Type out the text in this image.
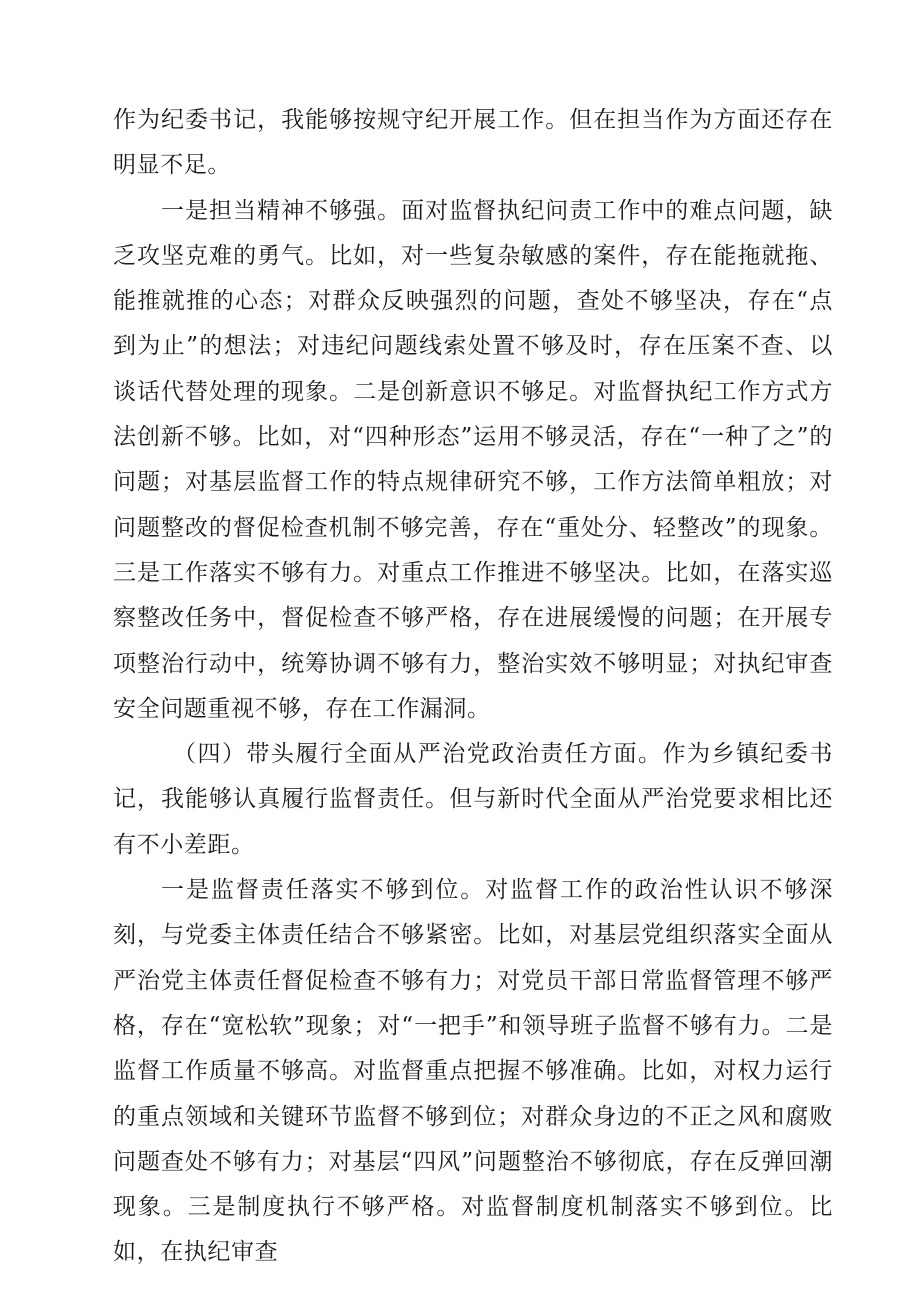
作为纪委书记，我能够按规守纪开展工作。但在担当作为方面还存在明显不足。

一是担当精神不够强。面对监督执纪问责工作中的难点问题，缺乏攻坚克难的勇气。比如，对一些复杂敏感的案件，存在能拖就拖、能推就推的心态；对群众反映强烈的问题，查处不够坚决，存在“点到为止”的想法；对违纪问题线索处置不够及时，存在压案不查、以谈话代替处理的现象。二是创新意识不够足。对监督执纪工作方式方法创新不够。比如，对“四种形态”运用不够灵活，存在“一种了之”的问题；对基层监督工作的特点规律研究不够，工作方法简单粗放；对问题整改的督促检查机制不够完善，存在“重处分、轻整改”的现象。三是工作落实不够有力。对重点工作推进不够坚决。比如，在落实巡察整改任务中，督促检查不够严格，存在进展缓慢的问题；在开展专项整治行动中，统筹协调不够有力，整治实效不够明显；对执纪审查安全问题重视不够，存在工作漏洞。

（四）带头履行全面从严治党政治责任方面。作为乡镇纪委书记，我能够认真履行监督责任。但与新时代全面从严治党要求相比还有不小差距。

一是监督责任落实不够到位。对监督工作的政治性认识不够深刻，与党委主体责任结合不够紧密。比如，对基层党组织落实全面从严治党主体责任督促检查不够有力；对党员干部日常监督管理不够严格，存在“宽松软”现象；对“一把手”和领导班子监督不够有力。二是监督工作质量不够高。对监督重点把握不够准确。比如，对权力运行的重点领域和关键环节监督不够到位；对群众身边的不正之风和腐败问题查处不够有力；对基层“四风”问题整治不够彻底，存在反弹回潮现象。三是制度执行不够严格。对监督制度机制落实不够到位。比如，在执纪审查
